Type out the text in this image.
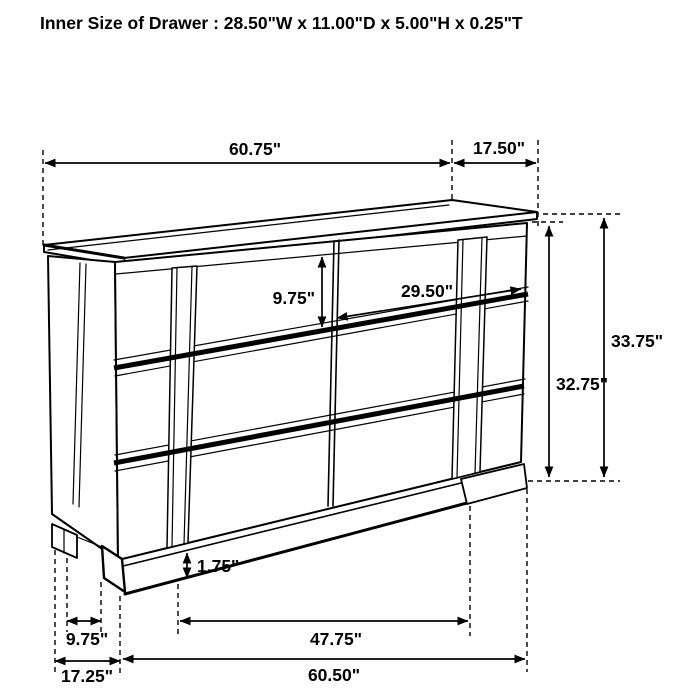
Inner Size of Drawer : 28.50"W x 11.00"D x 5.00"H x 0.25"T
60.75"	17.50"
33.75"
32.75"
9.75"	29.50"
1.75"
47.75"
9.75"
17.25"	60.50"
